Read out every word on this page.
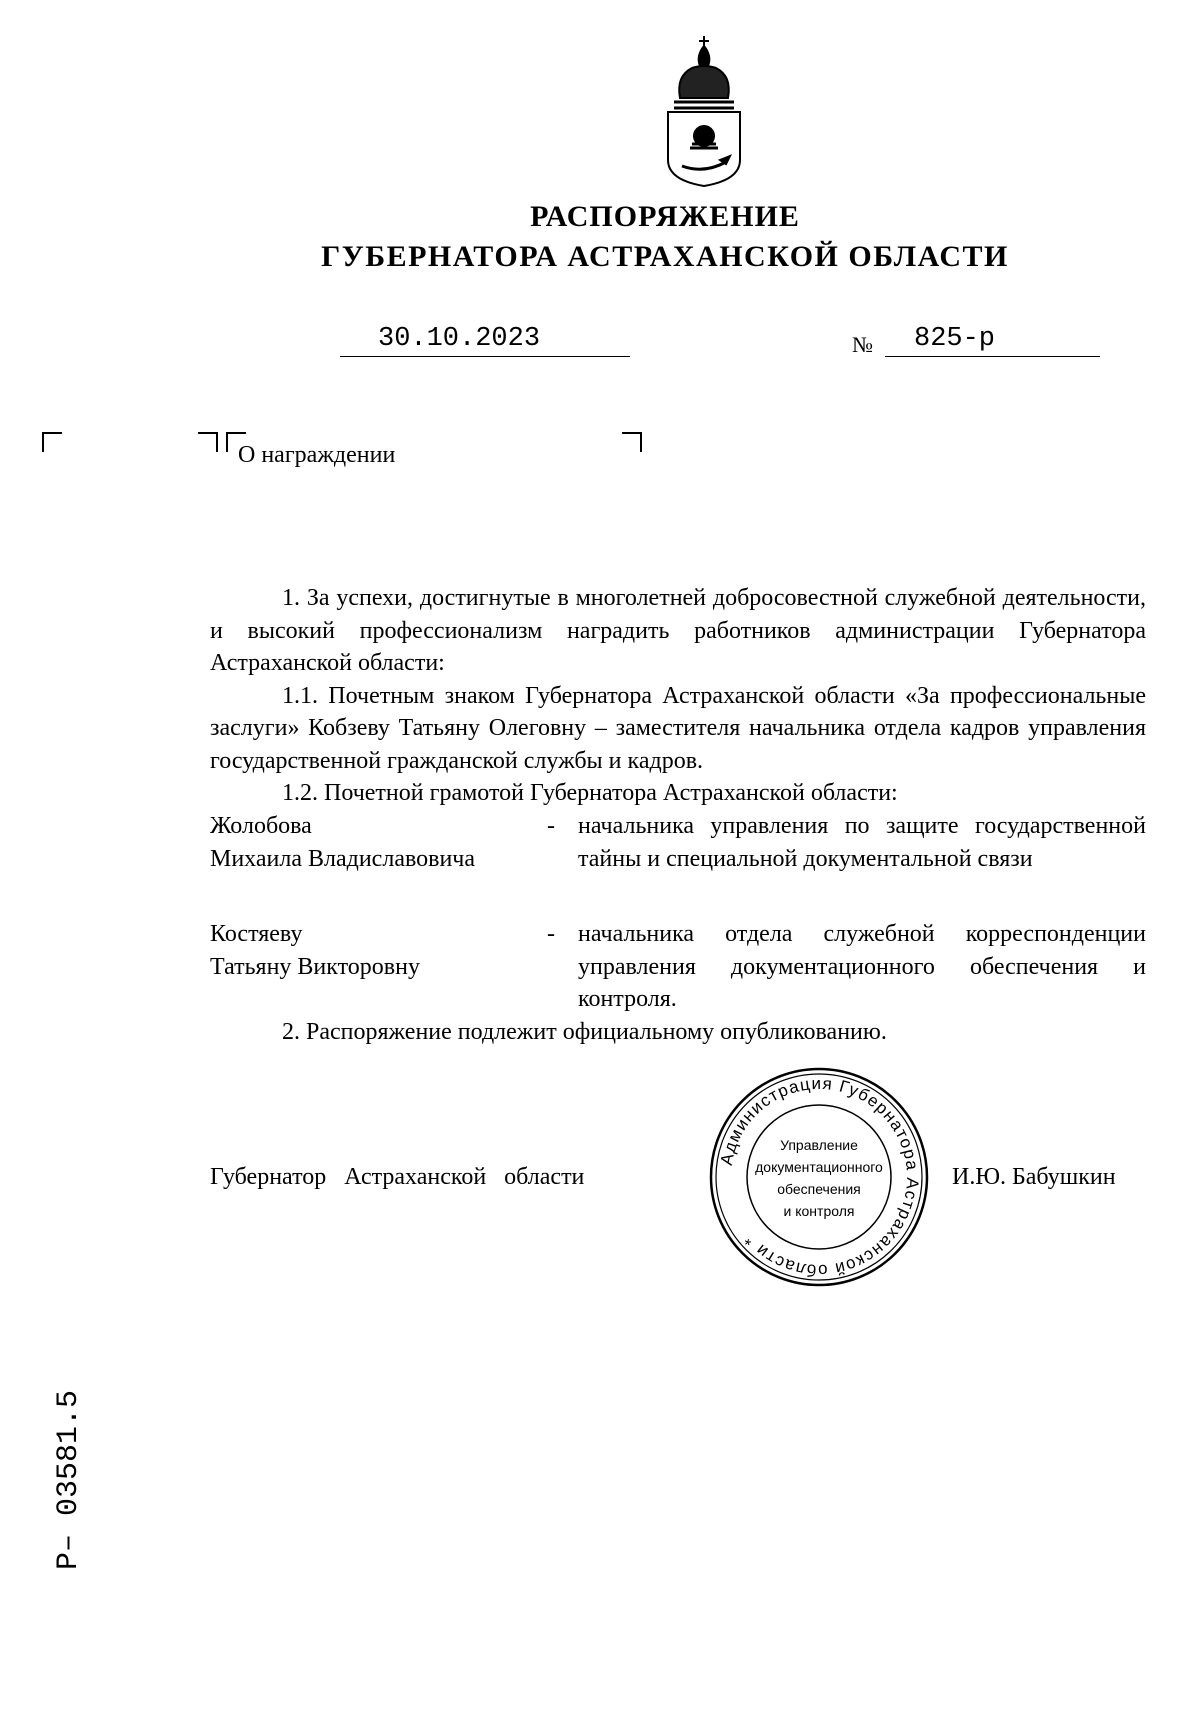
РАСПОРЯЖЕНИЕ
ГУБЕРНАТОРА АСТРАХАНСКОЙ ОБЛАСТИ
30.10.2023	№ 825-р
О награждении
1. За успехи, достигнутые в многолетней добросовестной служебной деятельности, и высокий профессионализм наградить работников администрации Губернатора Астраханской области:
1.1. Почетным знаком Губернатора Астраханской области «За профессиональные заслуги» Кобзеву Татьяну Олеговну – заместителя начальника отдела кадров управления государственной гражданской службы и кадров.
1.2. Почетной грамотой Губернатора Астраханской области:
Жолобова
Михаила Владиславовича
- начальника управления по защите государственной тайны и специальной документальной связи
Костяеву
Татьяну Викторовну
- начальника отдела служебной корреспонденции управления документационного обеспечения и контроля.
2. Распоряжение подлежит официальному опубликованию.
Администрация Губернатора Астраханской области *
Управление
документационного
обеспечения
и контроля
Губернатор Астраханской области	И.Ю. Бабушкин
Р– 03581.5
